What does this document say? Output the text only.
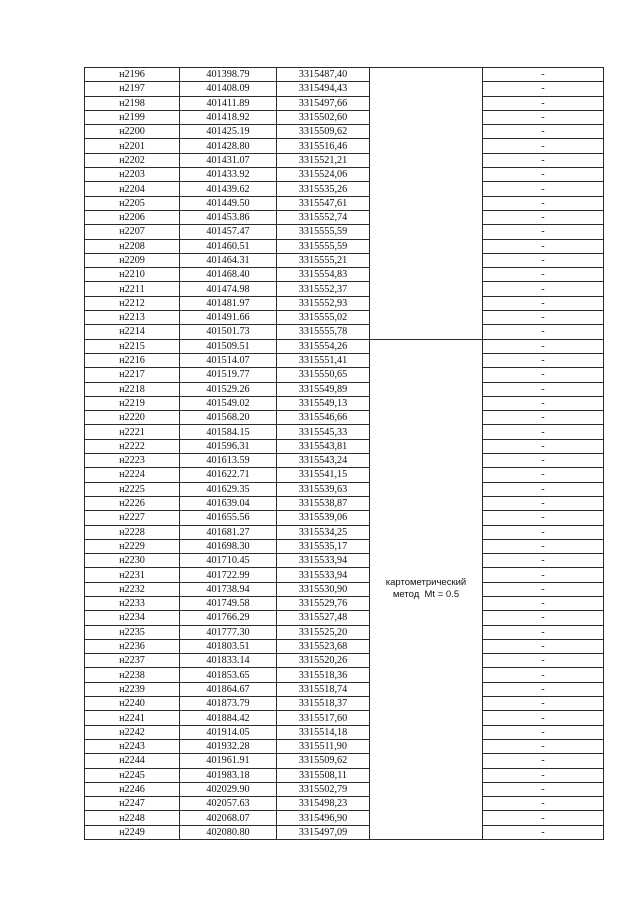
н2196	401398.79	3315487,40		-
н2197	401408.09	3315494,43		-
н2198	401411.89	3315497,66		-
н2199	401418.92	3315502,60		-
н2200	401425.19	3315509,62		-
н2201	401428.80	3315516,46		-
н2202	401431.07	3315521,21		-
н2203	401433.92	3315524,06		-
н2204	401439.62	3315535,26		-
н2205	401449.50	3315547,61		-
н2206	401453.86	3315552,74		-
н2207	401457.47	3315555,59		-
н2208	401460.51	3315555,59		-
н2209	401464.31	3315555,21		-
н2210	401468.40	3315554,83		-
н2211	401474.98	3315552,37		-
н2212	401481.97	3315552,93		-
н2213	401491.66	3315555,02		-
н2214	401501.73	3315555,78		-
н2215	401509.51	3315554,26	картометрический
метод  Mt = 0.5	-
н2216	401514.07	3315551,41		-
н2217	401519.77	3315550,65		-
н2218	401529.26	3315549,89		-
н2219	401549.02	3315549,13		-
н2220	401568.20	3315546,66		-
н2221	401584.15	3315545,33		-
н2222	401596.31	3315543,81		-
н2223	401613.59	3315543,24		-
н2224	401622.71	3315541,15		-
н2225	401629.35	3315539,63		-
н2226	401639.04	3315538,87		-
н2227	401655.56	3315539,06		-
н2228	401681.27	3315534,25		-
н2229	401698.30	3315535,17		-
н2230	401710.45	3315533,94		-
н2231	401722.99	3315533,94		-
н2232	401738.94	3315530,90		-
н2233	401749.58	3315529,76		-
н2234	401766.29	3315527,48		-
н2235	401777.30	3315525,20		-
н2236	401803.51	3315523,68		-
н2237	401833.14	3315520,26		-
н2238	401853.65	3315518,36		-
н2239	401864.67	3315518,74		-
н2240	401873.79	3315518,37		-
н2241	401884.42	3315517,60		-
н2242	401914.05	3315514,18		-
н2243	401932.28	3315511,90		-
н2244	401961.91	3315509,62		-
н2245	401983.18	3315508,11		-
н2246	402029.90	3315502,79		-
н2247	402057.63	3315498,23		-
н2248	402068.07	3315496,90		-
н2249	402080.80	3315497,09		-
